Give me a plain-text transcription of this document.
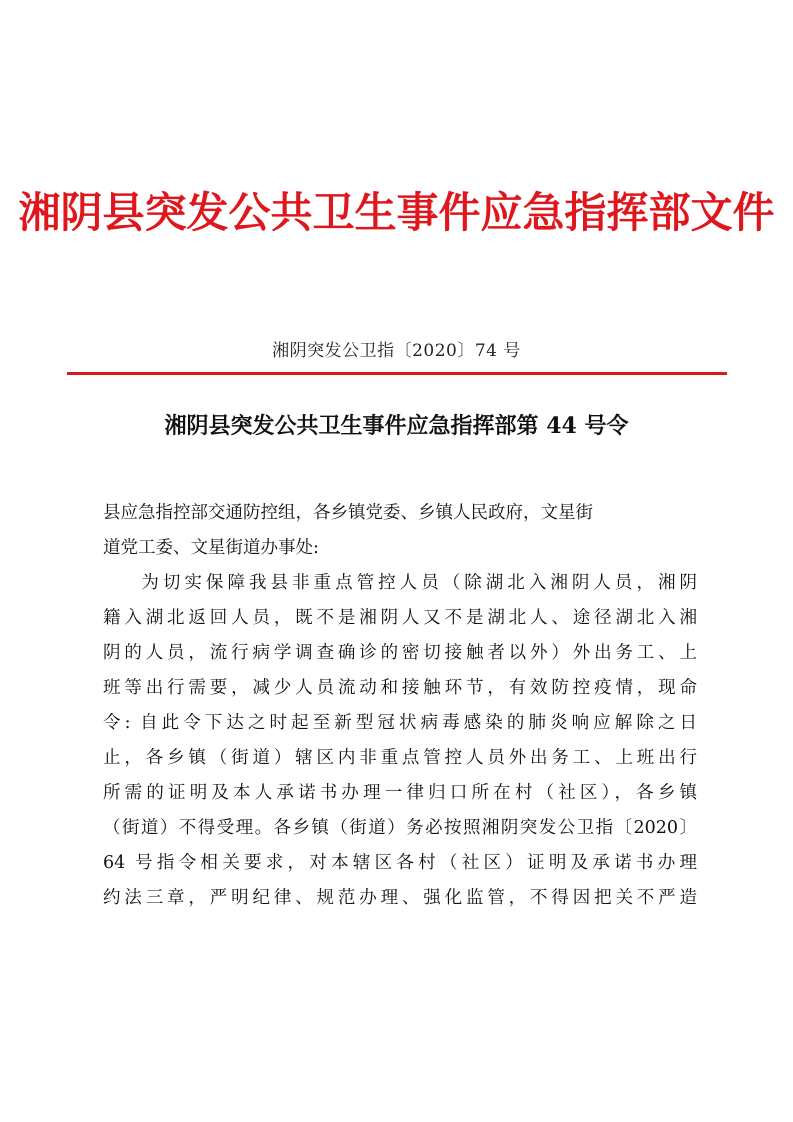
湘阴县突发公共卫生事件应急指挥部文件
湘阴突发公卫指〔2020〕74 号
湘阴县突发公共卫生事件应急指挥部第 44 号令
县应急指控部交通防控组，各乡镇党委、乡镇人民政府，文星街
道党工委、文星街道办事处:
为切实保障我县非重点管控人员（除湖北入湘阴人员，湘阴
籍入湖北返回人员，既不是湘阴人又不是湖北人、途径湖北入湘
阴的人员，流行病学调查确诊的密切接触者以外）外出务工、上
班等出行需要，减少人员流动和接触环节，有效防控疫情，现命
令: 自此令下达之时起至新型冠状病毒感染的肺炎响应解除之日
止，各乡镇（街道）辖区内非重点管控人员外出务工、上班出行
所需的证明及本人承诺书办理一律归口所在村（社区），各乡镇
（街道）不得受理。各乡镇（街道）务必按照湘阴突发公卫指〔2020〕
64 号指令相关要求，对本辖区各村（社区）证明及承诺书办理
约法三章，严明纪律、规范办理、强化监管，不得因把关不严造
